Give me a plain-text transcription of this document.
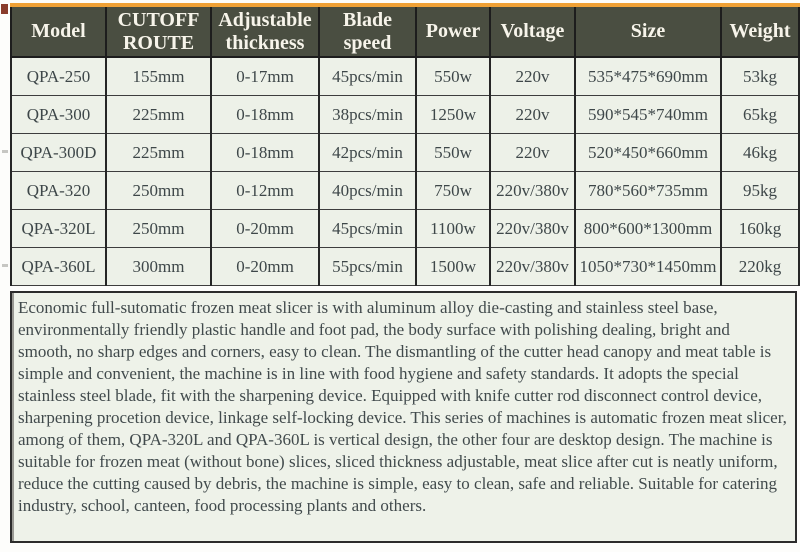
Model	CUTOFF ROUTE	Adjustable thickness	Blade speed	Power	Voltage	Size	Weight
QPA-250	155mm	0-17mm	45pcs/min	550w	220v	535*475*690mm	53kg
QPA-300	225mm	0-18mm	38pcs/min	1250w	220v	590*545*740mm	65kg
QPA-300D	225mm	0-18mm	42pcs/min	550w	220v	520*450*660mm	46kg
QPA-320	250mm	0-12mm	40pcs/min	750w	220v/380v	780*560*735mm	95kg
QPA-320L	250mm	0-20mm	45pcs/min	1100w	220v/380v	800*600*1300mm	160kg
QPA-360L	300mm	0-20mm	55pcs/min	1500w	220v/380v	1050*730*1450mm	220kg
Economic full-sutomatic frozen meat slicer is with aluminum alloy die-casting and stainless steel base, environmentally friendly plastic handle and foot pad, the body surface with polishing dealing, bright and smooth, no sharp edges and corners, easy to clean. The dismantling of the cutter head canopy and meat table is simple and convenient, the machine is in line with food hygiene and safety standards. It adopts the special stainless steel blade, fit with the sharpening device. Equipped with knife cutter rod disconnect control device, sharpening procetion device, linkage self-locking device. This series of machines is automatic frozen meat slicer, among of them, QPA-320L and QPA-360L is vertical design, the other four are desktop design. The machine is suitable for frozen meat (without bone) slices, sliced thickness adjustable, meat slice after cut is neatly uniform, reduce the cutting caused by debris, the machine is simple, easy to clean, safe and reliable. Suitable for catering industry, school, canteen, food processing plants and others.
